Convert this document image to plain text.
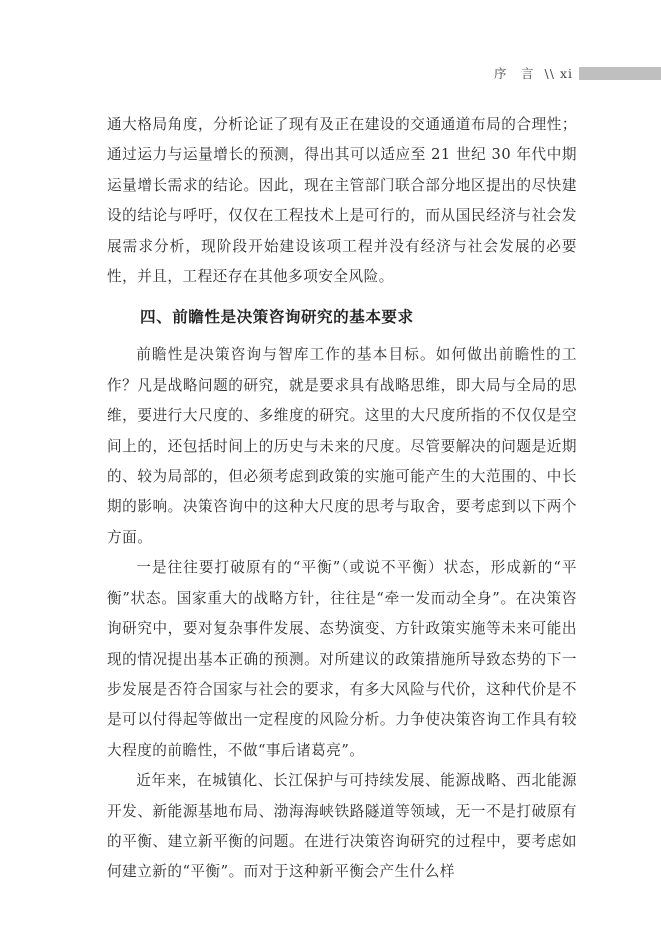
序　言 \\ xi

通大格局角度，分析论证了现有及正在建设的交通通道布局的合理性；通过运力与运量增长的预测，得出其可以适应至 21 世纪 30 年代中期运量增长需求的结论。因此，现在主管部门联合部分地区提出的尽快建设的结论与呼吁，仅仅在工程技术上是可行的，而从国民经济与社会发展需求分析，现阶段开始建设该项工程并没有经济与社会发展的必要性，并且，工程还存在其他多项安全风险。

四、前瞻性是决策咨询研究的基本要求

前瞻性是决策咨询与智库工作的基本目标。如何做出前瞻性的工作？凡是战略问题的研究，就是要求具有战略思维，即大局与全局的思维，要进行大尺度的、多维度的研究。这里的大尺度所指的不仅仅是空间上的，还包括时间上的历史与未来的尺度。尽管要解决的问题是近期的、较为局部的，但必须考虑到政策的实施可能产生的大范围的、中长期的影响。决策咨询中的这种大尺度的思考与取舍，要考虑到以下两个方面。

一是往往要打破原有的“平衡”（或说不平衡）状态，形成新的“平衡”状态。国家重大的战略方针，往往是“牵一发而动全身”。在决策咨询研究中，要对复杂事件发展、态势演变、方针政策实施等未来可能出现的情况提出基本正确的预测。对所建议的政策措施所导致态势的下一步发展是否符合国家与社会的要求，有多大风险与代价，这种代价是不是可以付得起等做出一定程度的风险分析。力争使决策咨询工作具有较大程度的前瞻性，不做“事后诸葛亮”。

近年来，在城镇化、长江保护与可持续发展、能源战略、西北能源开发、新能源基地布局、渤海海峡铁路隧道等领域，无一不是打破原有的平衡、建立新平衡的问题。在进行决策咨询研究的过程中，要考虑如何建立新的“平衡”。而对于这种新平衡会产生什么样
